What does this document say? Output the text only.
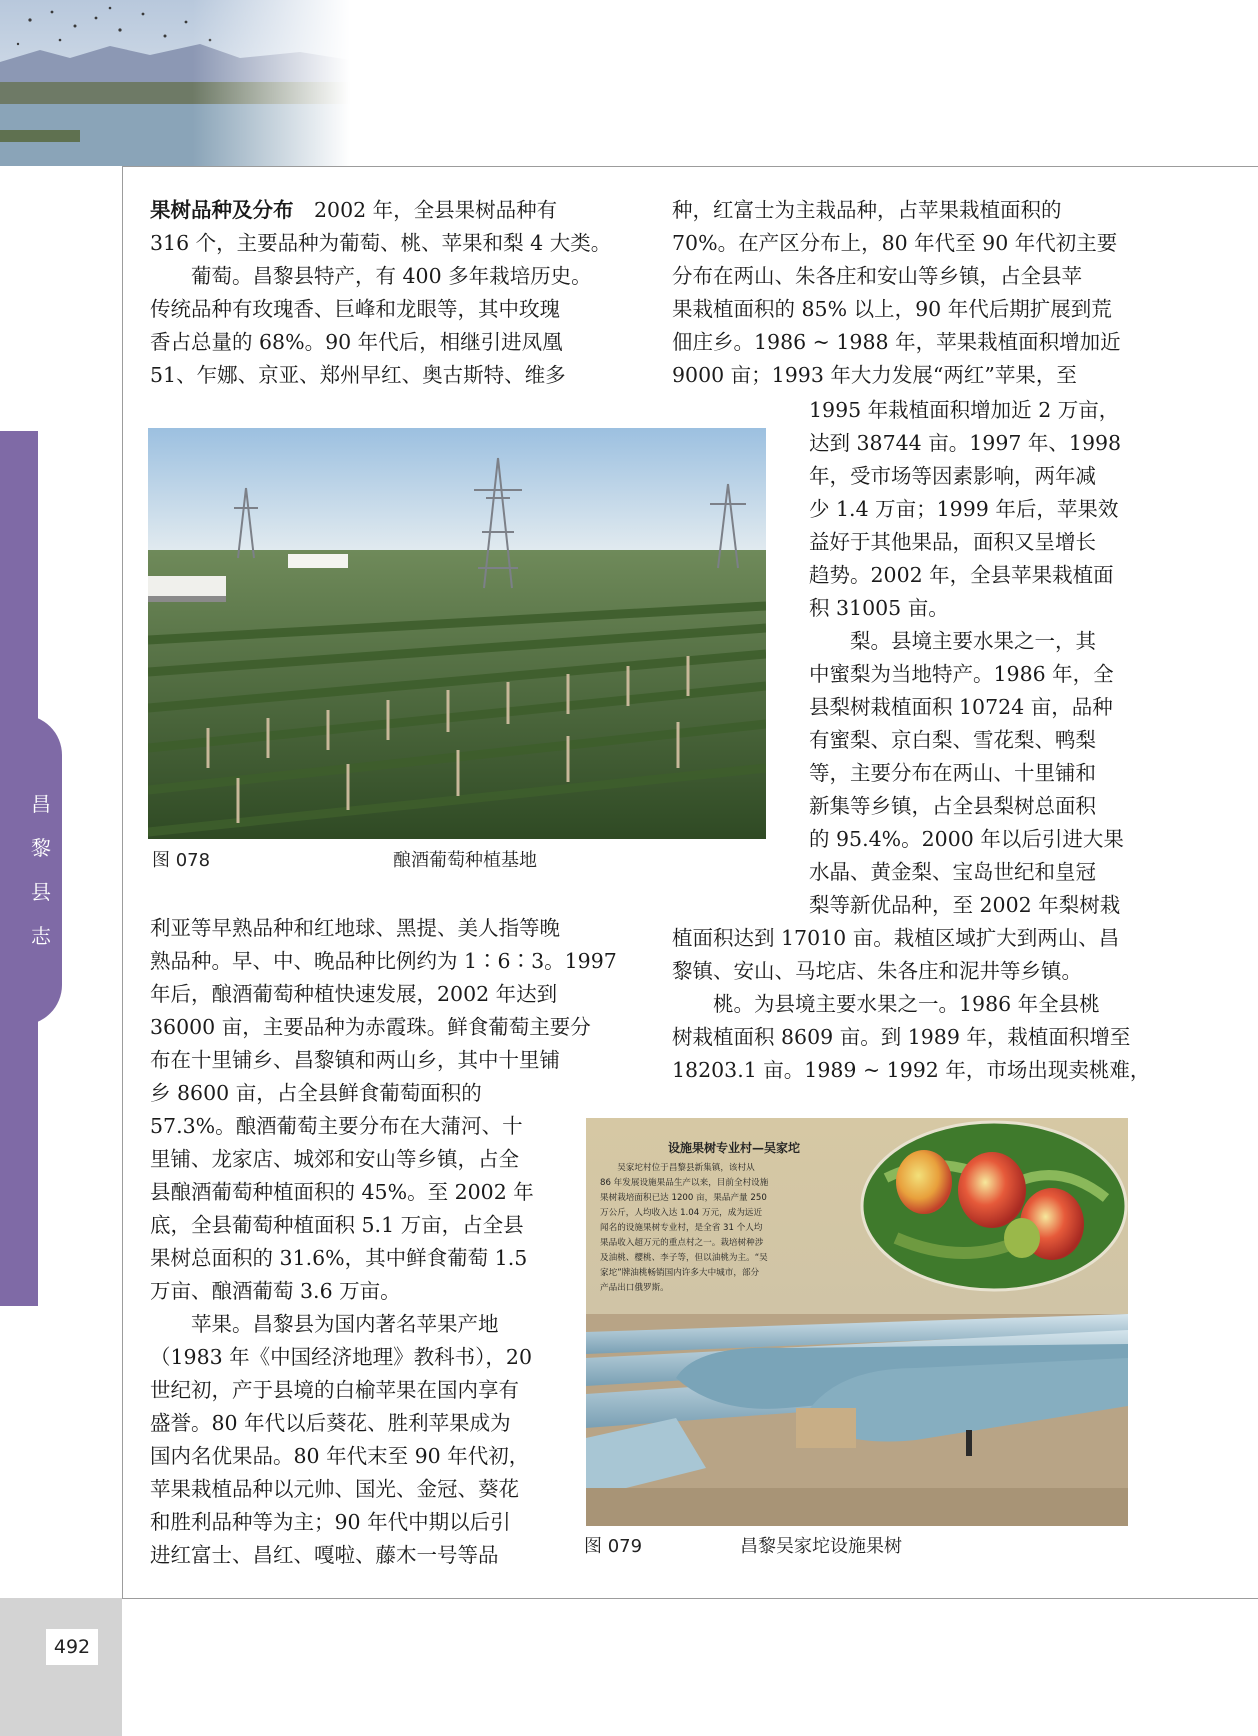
昌黎县志
492
果树品种及分布　2002 年，全县果树品种有
316 个，主要品种为葡萄、桃、苹果和梨 4 大类。
　　葡萄。昌黎县特产，有 400 多年栽培历史。
传统品种有玫瑰香、巨峰和龙眼等，其中玫瑰
香占总量的 68%。90 年代后，相继引进凤凰
51、乍娜、京亚、郑州早红、奥古斯特、维多
种，红富士为主栽品种，占苹果栽植面积的
70%。在产区分布上，80 年代至 90 年代初主要
分布在两山、朱各庄和安山等乡镇，占全县苹
果栽植面积的 85% 以上，90 年代后期扩展到荒
佃庄乡。1986 ~ 1988 年，苹果栽植面积增加近
9000 亩；1993 年大力发展“两红”苹果，至
图 078	酿酒葡萄种植基地
1995 年栽植面积增加近 2 万亩，
达到 38744 亩。1997 年、1998
年，受市场等因素影响，两年减
少 1.4 万亩；1999 年后，苹果效
益好于其他果品，面积又呈增长
趋势。2002 年，全县苹果栽植面
积 31005 亩。
　　梨。县境主要水果之一，其
中蜜梨为当地特产。1986 年，全
县梨树栽植面积 10724 亩，品种
有蜜梨、京白梨、雪花梨、鸭梨
等，主要分布在两山、十里铺和
新集等乡镇，占全县梨树总面积
的 95.4%。2000 年以后引进大果
水晶、黄金梨、宝岛世纪和皇冠
梨等新优品种，至 2002 年梨树栽
植面积达到 17010 亩。栽植区域扩大到两山、昌
黎镇、安山、马坨店、朱各庄和泥井等乡镇。
　　桃。为县境主要水果之一。1986 年全县桃
树栽植面积 8609 亩。到 1989 年，栽植面积增至
18203.1 亩。1989 ~ 1992 年，市场出现卖桃难，
利亚等早熟品种和红地球、黑提、美人指等晚
熟品种。早、中、晚品种比例约为 1∶6∶3。1997
年后，酿酒葡萄种植快速发展，2002 年达到
36000 亩，主要品种为赤霞珠。鲜食葡萄主要分
布在十里铺乡、昌黎镇和两山乡，其中十里铺
乡 8600 亩，占全县鲜食葡萄面积的
57.3%。酿酒葡萄主要分布在大蒲河、十
里铺、龙家店、城郊和安山等乡镇，占全
县酿酒葡萄种植面积的 45%。至 2002 年
底，全县葡萄种植面积 5.1 万亩，占全县
果树总面积的 31.6%，其中鲜食葡萄 1.5
万亩、酿酒葡萄 3.6 万亩。
　　苹果。昌黎县为国内著名苹果产地
（1983 年《中国经济地理》教科书），20
世纪初，产于县境的白榆苹果在国内享有
盛誉。80 年代以后葵花、胜利苹果成为
国内名优果品。80 年代末至 90 年代初，
苹果栽植品种以元帅、国光、金冠、葵花
和胜利品种等为主；90 年代中期以后引
进红富士、昌红、嘎啦、藤木一号等品
设施果树专业村—吴家坨
　　吴家坨村位于昌黎县新集镇，该村从
86 年发展设施果品生产以来，目前全村设施
果树栽培面积已达 1200 亩，果品产量 250
万公斤，人均收入达 1.04 万元，成为远近
闻名的设施果树专业村，是全省 31 个人均
果品收入超万元的重点村之一。栽培树种涉
及油桃、樱桃、李子等，但以油桃为主。“吴
家坨”牌油桃畅销国内许多大中城市，部分
产品出口俄罗斯。
图 079	昌黎吴家坨设施果树
